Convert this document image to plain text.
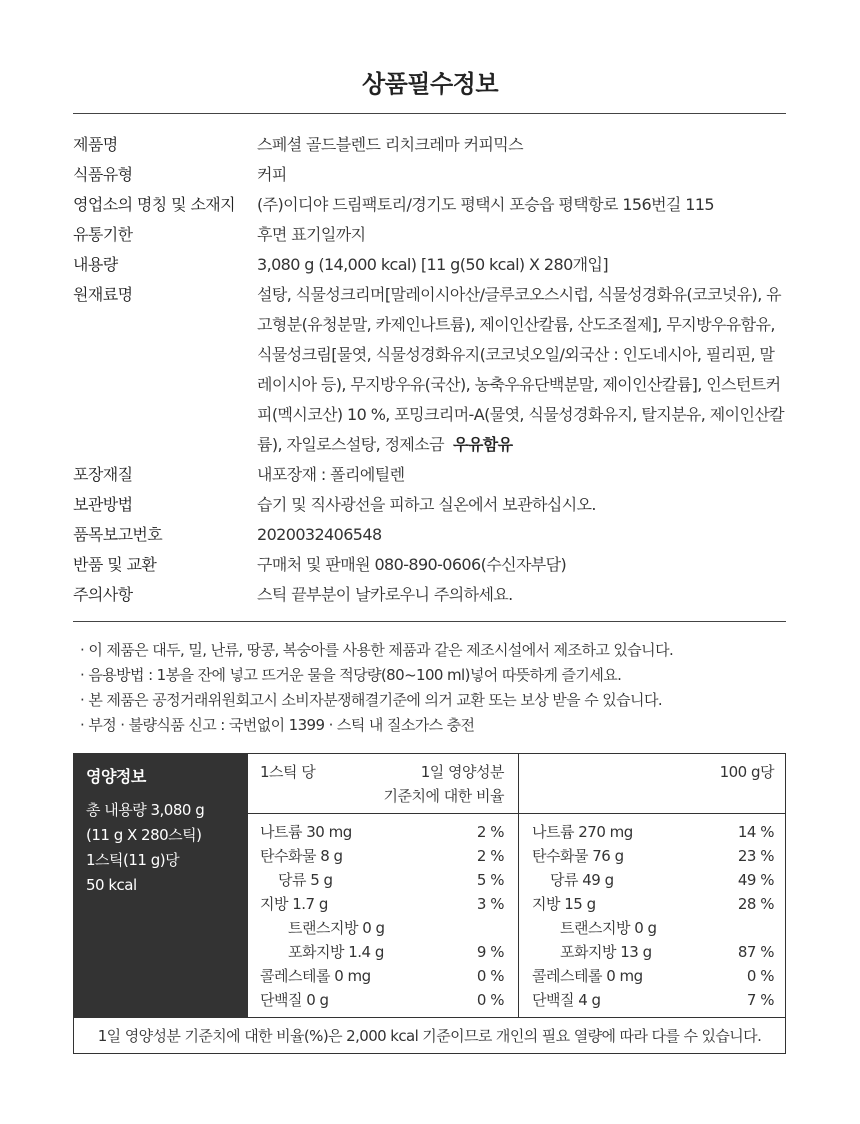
상품필수정보
제품명	스페셜 골드블렌드 리치크레마 커피믹스
식품유형	커피
영업소의 명칭 및 소재지	(주)이디야 드림팩토리/경기도 평택시 포승읍 평택항로 156번길 115
유통기한	후면 표기일까지
내용량	3,080 g (14,000 kcal) [11 g(50 kcal) X 280개입]
원재료명	설탕, 식물성크리머[말레이시아산/글루코오스시럽, 식물성경화유(코코넛유), 유고형분(유청분말, 카제인나트륨), 제이인산칼륨, 산도조절제], 무지방우유함유, 식물성크림[물엿, 식물성경화유지(코코넛오일/외국산 : 인도네시아, 필리핀, 말레이시아 등), 무지방우유(국산), 농축우유단백분말, 제이인산칼륨], 인스턴트커피(멕시코산) 10 %, 포밍크리머-A(물엿, 식물성경화유지, 탈지분유, 제이인산칼륨), 자일로스설탕, 정제소금 우유함유
포장재질	내포장재 : 폴리에틸렌
보관방법	습기 및 직사광선을 피하고 실온에서 보관하십시오.
품목보고번호	2020032406548
반품 및 교환	구매처 및 판매원 080-890-0606(수신자부담)
주의사항	스틱 끝부분이 날카로우니 주의하세요.
· 이 제품은 대두, 밀, 난류, 땅콩, 복숭아를 사용한 제품과 같은 제조시설에서 제조하고 있습니다.
· 음용방법 : 1봉을 잔에 넣고 뜨거운 물을 적당량(80~100 ml)넣어 따뜻하게 즐기세요.
· 본 제품은 공정거래위원회고시 소비자분쟁해결기준에 의거 교환 또는 보상 받을 수 있습니다.
· 부정 · 불량식품 신고 : 국번없이 1399 · 스틱 내 질소가스 충전
영양정보
총 내용량 3,080 g
(11 g X 280스틱)
1스틱(11 g)당
50 kcal
1스틱 당	1일 영양성분
기준치에 대한 비율
100 g당
나트륨 30 mg	2 %
탄수화물 8 g	2 %
당류 5 g	5 %
지방 1.7 g	3 %
트랜스지방 0 g
포화지방 1.4 g	9 %
콜레스테롤 0 mg	0 %
단백질 0 g	0 %
나트륨 270 mg	14 %
탄수화물 76 g	23 %
당류 49 g	49 %
지방 15 g	28 %
트랜스지방 0 g
포화지방 13 g	87 %
콜레스테롤 0 mg	0 %
단백질 4 g	7 %
1일 영양성분 기준치에 대한 비율(%)은 2,000 kcal 기준이므로 개인의 필요 열량에 따라 다를 수 있습니다.
